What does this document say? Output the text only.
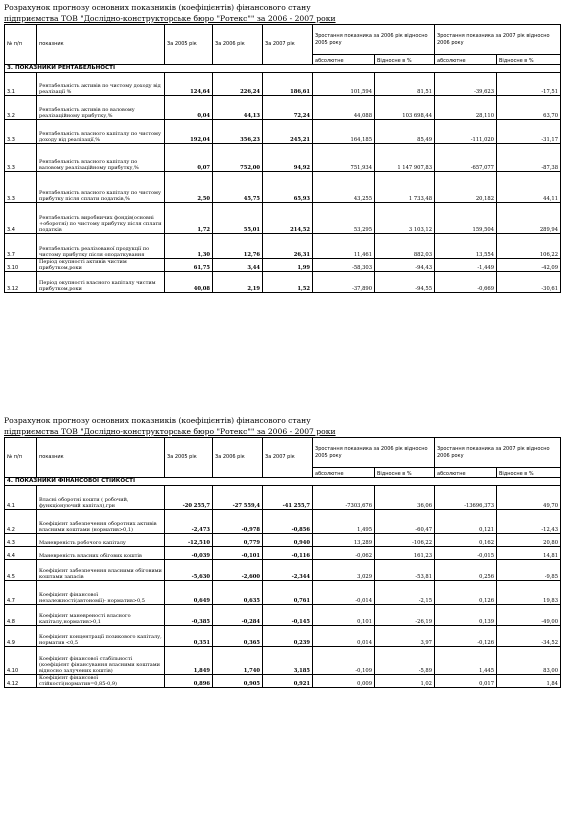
Розрахунок прогнозу основних показників (коефіцієнтів) фінансового стану
підприємства ТОВ "Дослідно-конструкторське бюро "Ротекс"" за 2006 - 2007 роки
№ п/п	показник	За 2005 рік	За 2006 рік	За 2007 рік	Зростання показника за 2006 рік відносно 2005 року		Зростання показника за 2007 рік відносно 2006 року	
					абсолютне	Відносне в %	абсолютне	Відносне в %
3. ПОКАЗНИКИ РЕНТАБЕЛЬНОСТІ								
3.1	Рентабельність активів по чистому доходу від реалізації %	124,64	226,24	186,61	101,594	81,51	-39,623	-17,51
3.2	Рентабельність активів по валовому реалізаційному прибутку,%	0,04	44,13	72,24	44,088	103 698,44	28,110	63,70
3.3	Рентабельність власного капіталу по чистому доходу від реалізації,%	192,04	356,23	245,21	164,185	85,49	-111,020	-31,17
3.3	Рентабельність власного капіталу по валовому реалізаційному прибутку,%	0,07	752,00	94,92	751,934	1 147 907,83	-657,077	-87,38
3.3	Рентабельність власного капіталу по чистому прибутку після сплати податків,%	2,50	45,75	65,93	43,255	1 733,48	20,182	44,11
3.4	Рентабельність виробничих фондів(основні +оборотні) по чистому прибутку після сплати податків	1,72	55,01	214,52	53,295	3 103,12	159,504	289,94
3.7	Рентабельність реалізованої продукції по чистому прибутку після оподаткування	1,30	12,76	26,31	11,461	882,03	13,554	106,22
3.10	Період окупності активів чистим прибутком,роки	61,75	3,44	1,99	-58,303	-94,43	-1,449	-42,09
3.12	Період окупності власного капіталу чистим прибутком,роки	40,08	2,19	1,52	-37,890	-94,55	-0,669	-30,61
Розрахунок прогнозу основних показників (коефіцієнтів) фінансового стану
підприємства ТОВ "Дослідно-конструкторське бюро "Ротекс"" за 2006 - 2007 роки
№ п/п	показник	За 2005 рік	За 2006 рік	За 2007 рік	Зростання показника за 2006 рік відносно 2005 року		Зростання показника за 2007 рік відносно 2006 року	
					абсолютне	Відносне в %	абсолютне	Відносне в %
4. ПОКАЗНИКИ ФІНАНСОВОЇ СТІЙКОСТІ								
4.1	Власні оборотні кошти ( робочий, функціонуючий капітал),грн	-20 255,7	-27 559,4	-41 255,7	-7303,676	36,06	-13696,373	49,70
4.2	Коефіцієнт забезпечення оборотних активів власними коштами (норматив>0,1)	-2,473	-0,978	-0,856	1,495	-60,47	0,121	-12,43
4.3	Маневреність робочого капіталу	-12,510	0,779	0,940	13,289	-106,22	0,162	20,80
4.4	Маневреність власних обігових коштів	-0,039	-0,101	-0,116	-0,062	161,23	-0,015	14,81
4.5	Коефіцієнт забезпечення власними обіговими коштами запасів	-5,630	-2,600	-2,344	3,029	-53,81	0,256	-9,85
4.7	Коефіцієнт фінансової незалежності(автономії)- норматив>0,5	0,649	0,635	0,761	-0,014	-2,15	0,126	19,83
4.8	Коефіцієнт маневреності власного капіталу,норматив>0,1	-0,385	-0,284	-0,145	0,101	-26,19	0,139	-49,00
4.9	Коефіцієнт концентрації позикового капіталу, норматив <0,5	0,351	0,365	0,239	0,014	3,97	-0,126	-34,52
4.10	Коефіцієнт фінансової стабільності (коефіцієнт фінансування власними коштами відносно залучених коштів)	1,849	1,740	3,185	-0,109	-5,89	1,445	83,00
4.12	Коефіцієнт фінансової стійкості(норматив=0,85-0,9)	0,896	0,905	0,921	0,009	1,02	0,017	1,84
